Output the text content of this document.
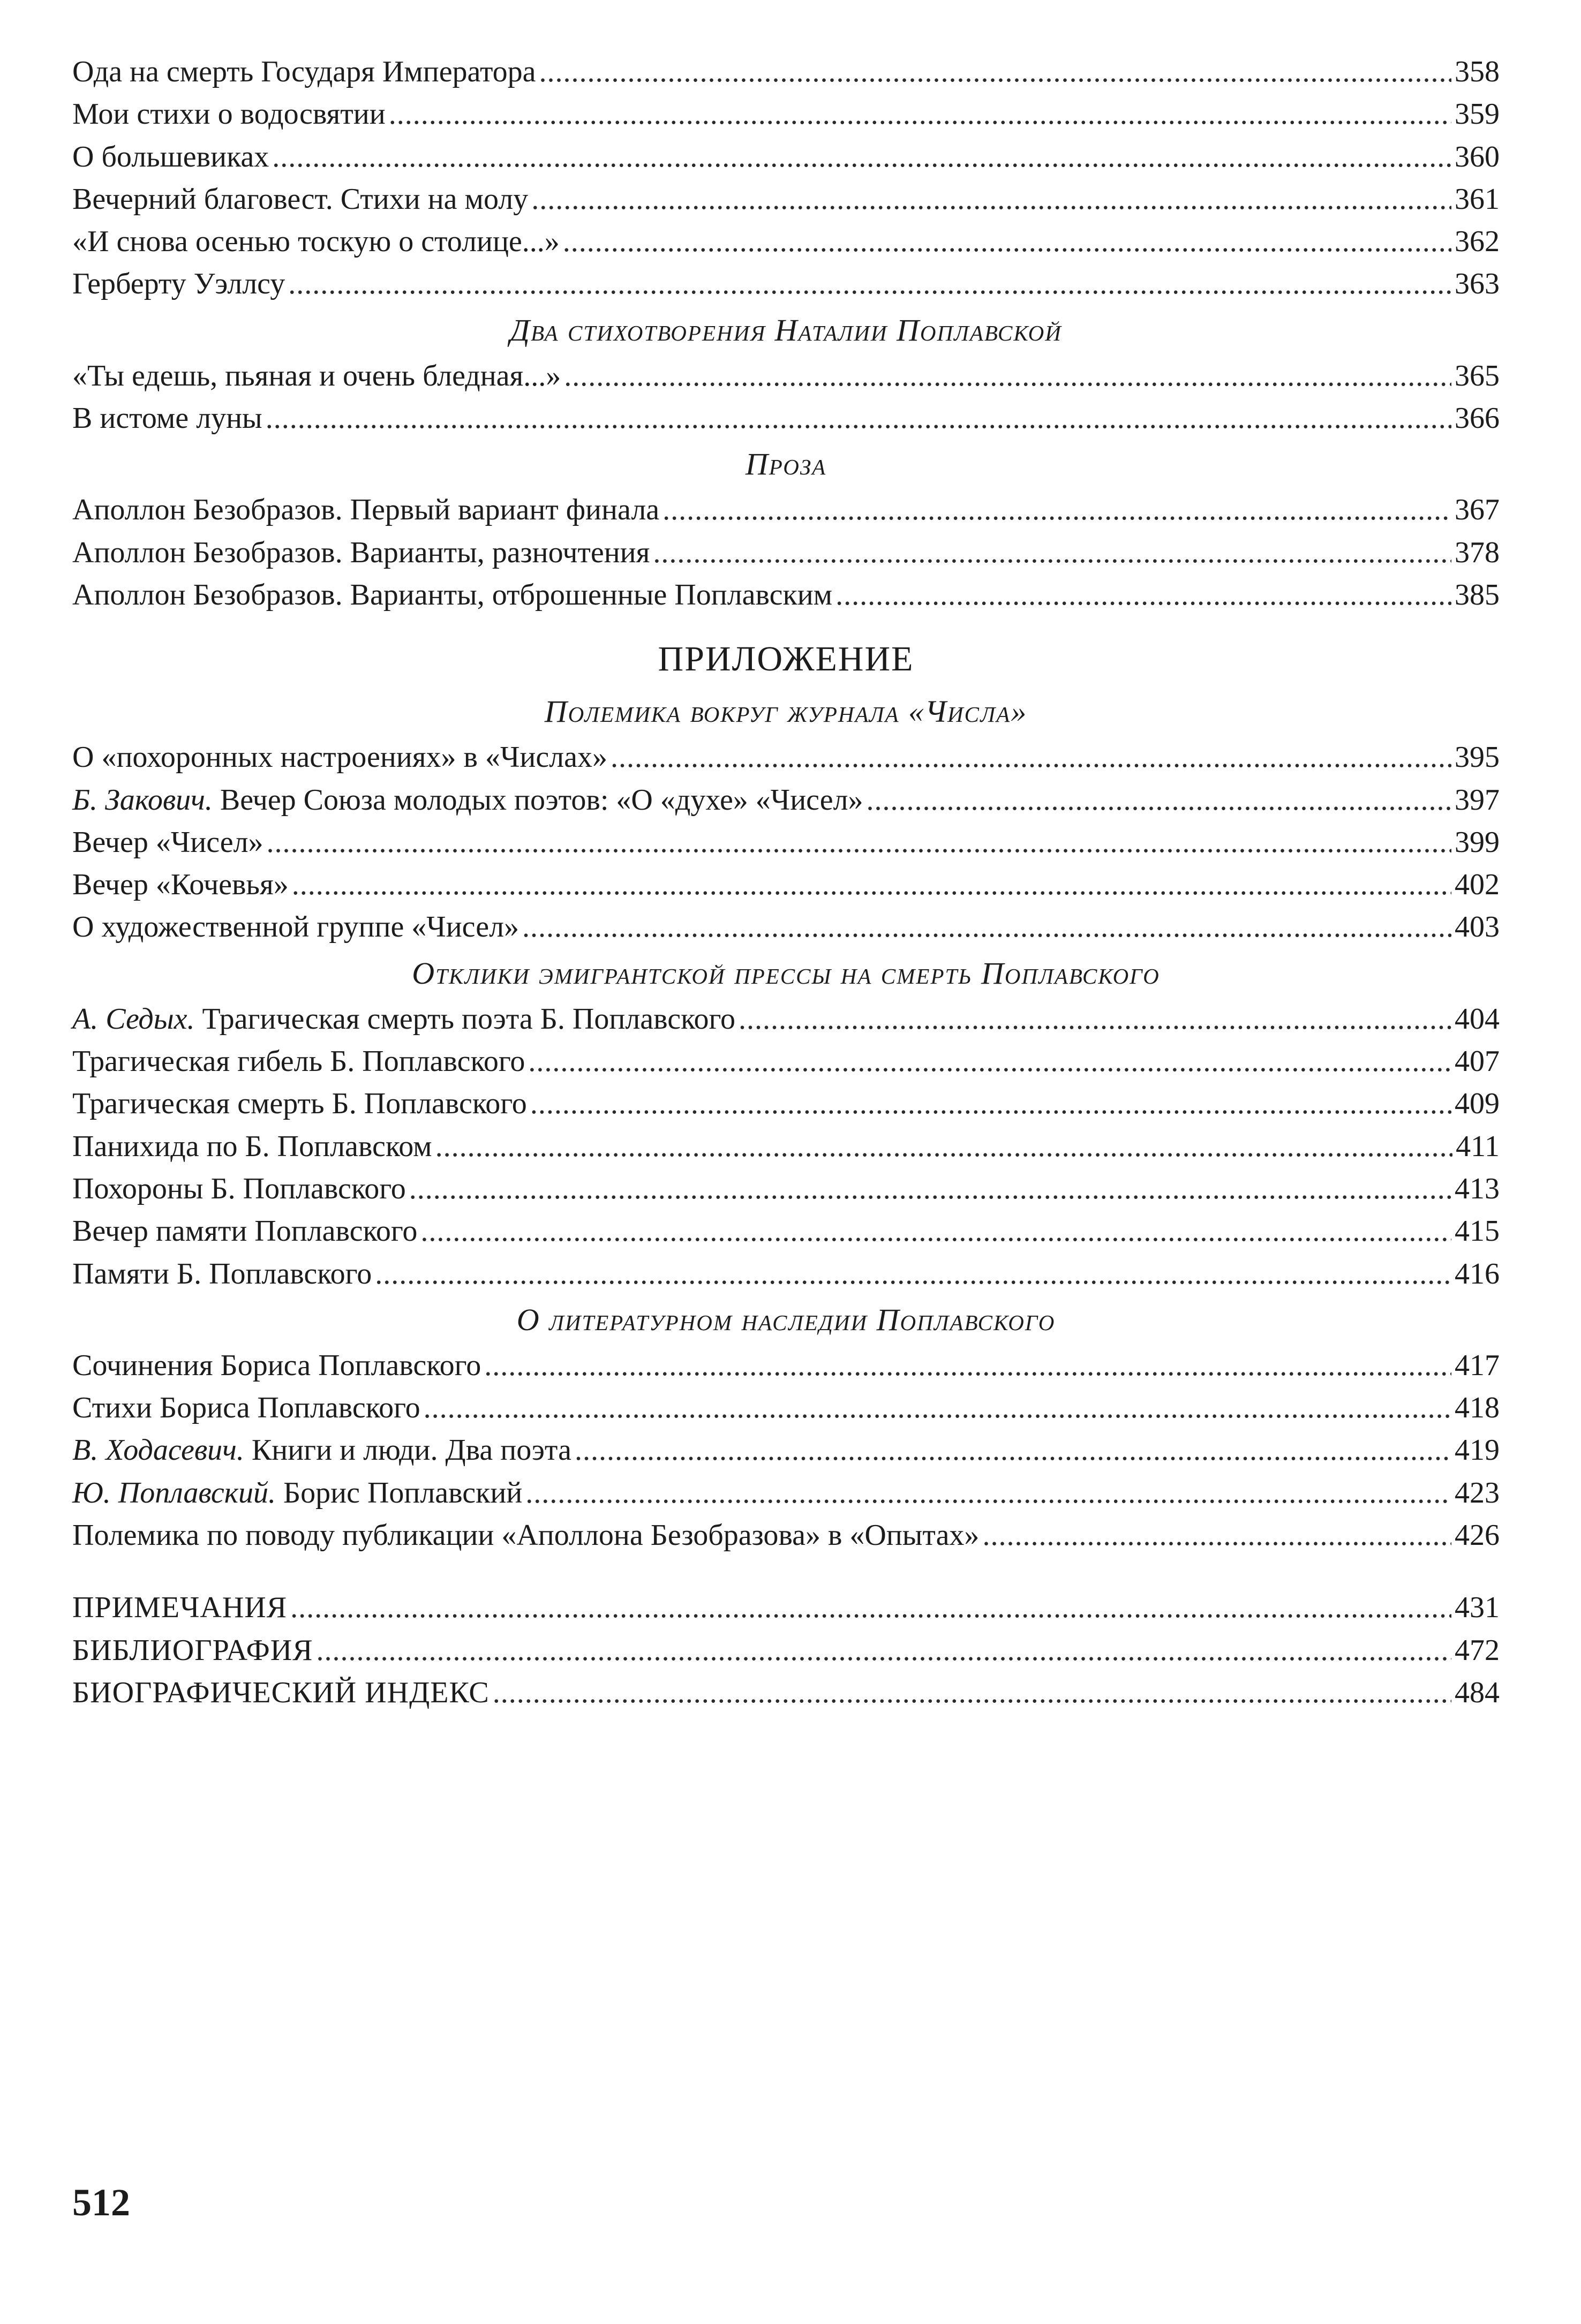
Ода на смерть Государя Императора .....	358
Мои стихи о водосвятии .....	359
О большевиках .....	360
Вечерний благовест. Стихи на молу .....	361
«И снова осенью тоскую о столице...» .....	362
Герберту Уэллсу .....	363
Два стихотворения Наталии Поплавской
«Ты едешь, пьяная и очень бледная...» .....	365
В истоме луны .....	366
Проза
Аполлон Безобразов. Первый вариант финала .....	367
Аполлон Безобразов. Варианты, разночтения .....	378
Аполлон Безобразов. Варианты, отброшенные Поплавским .....	385
ПРИЛОЖЕНИЕ
Полемика вокруг журнала «Числа»
О «похоронных настроениях» в «Числах» .....	395
Б. Закович. Вечер Союза молодых поэтов: «О «духе» «Чисел» .....	397
Вечер «Чисел» .....	399
Вечер «Кочевья» .....	402
О художественной группе «Чисел» .....	403
Отклики эмигрантской прессы на смерть Поплавского
А. Седых. Трагическая смерть поэта Б. Поплавского .....	404
Трагическая гибель Б. Поплавского .....	407
Трагическая смерть Б. Поплавского .....	409
Панихида по Б. Поплавском .....	411
Похороны Б. Поплавского .....	413
Вечер памяти Поплавского .....	415
Памяти Б. Поплавского .....	416
О литературном наследии Поплавского
Сочинения Бориса Поплавского .....	417
Стихи Бориса Поплавского .....	418
В. Ходасевич. Книги и люди. Два поэта .....	419
Ю. Поплавский. Борис Поплавский .....	423
Полемика по поводу публикации «Аполлона Безобразова» в «Опытах» .....	426
ПРИМЕЧАНИЯ .....	431
БИБЛИОГРАФИЯ .....	472
БИОГРАФИЧЕСКИЙ ИНДЕКС .....	484
512
